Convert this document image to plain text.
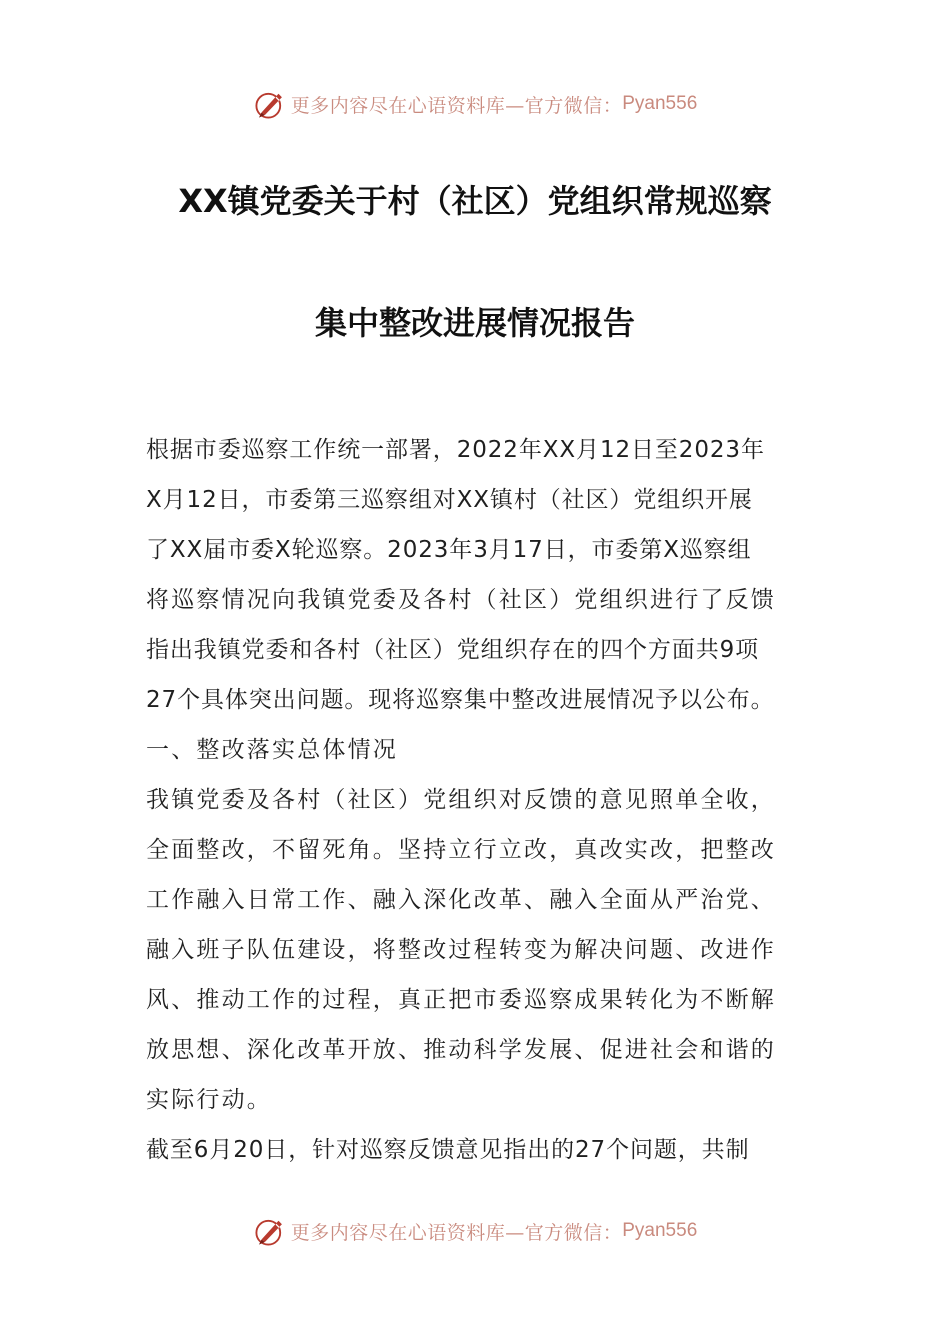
更多内容尽在心语资料库—官方微信： Pyan556
XX镇党委关于村（社区）党组织常规巡察
集中整改进展情况报告
根据市委巡察工作统一部署，2022年XX月12日至2023年
X月12日，市委第三巡察组对XX镇村（社区）党组织开展
了XX届市委X轮巡察。2023年3月17日，市委第X巡察组
将巡察情况向我镇党委及各村（社区）党组织进行了反馈
指出我镇党委和各村（社区）党组织存在的四个方面共9项
27个具体突出问题。现将巡察集中整改进展情况予以公布。
一、整改落实总体情况
我镇党委及各村（社区）党组织对反馈的意见照单全收，
全面整改，不留死角。坚持立行立改，真改实改，把整改
工作融入日常工作、融入深化改革、融入全面从严治党、
融入班子队伍建设，将整改过程转变为解决问题、改进作
风、推动工作的过程，真正把市委巡察成果转化为不断解
放思想、深化改革开放、推动科学发展、促进社会和谐的
实际行动。
截至6月20日，针对巡察反馈意见指出的27个问题，共制
更多内容尽在心语资料库—官方微信： Pyan556
